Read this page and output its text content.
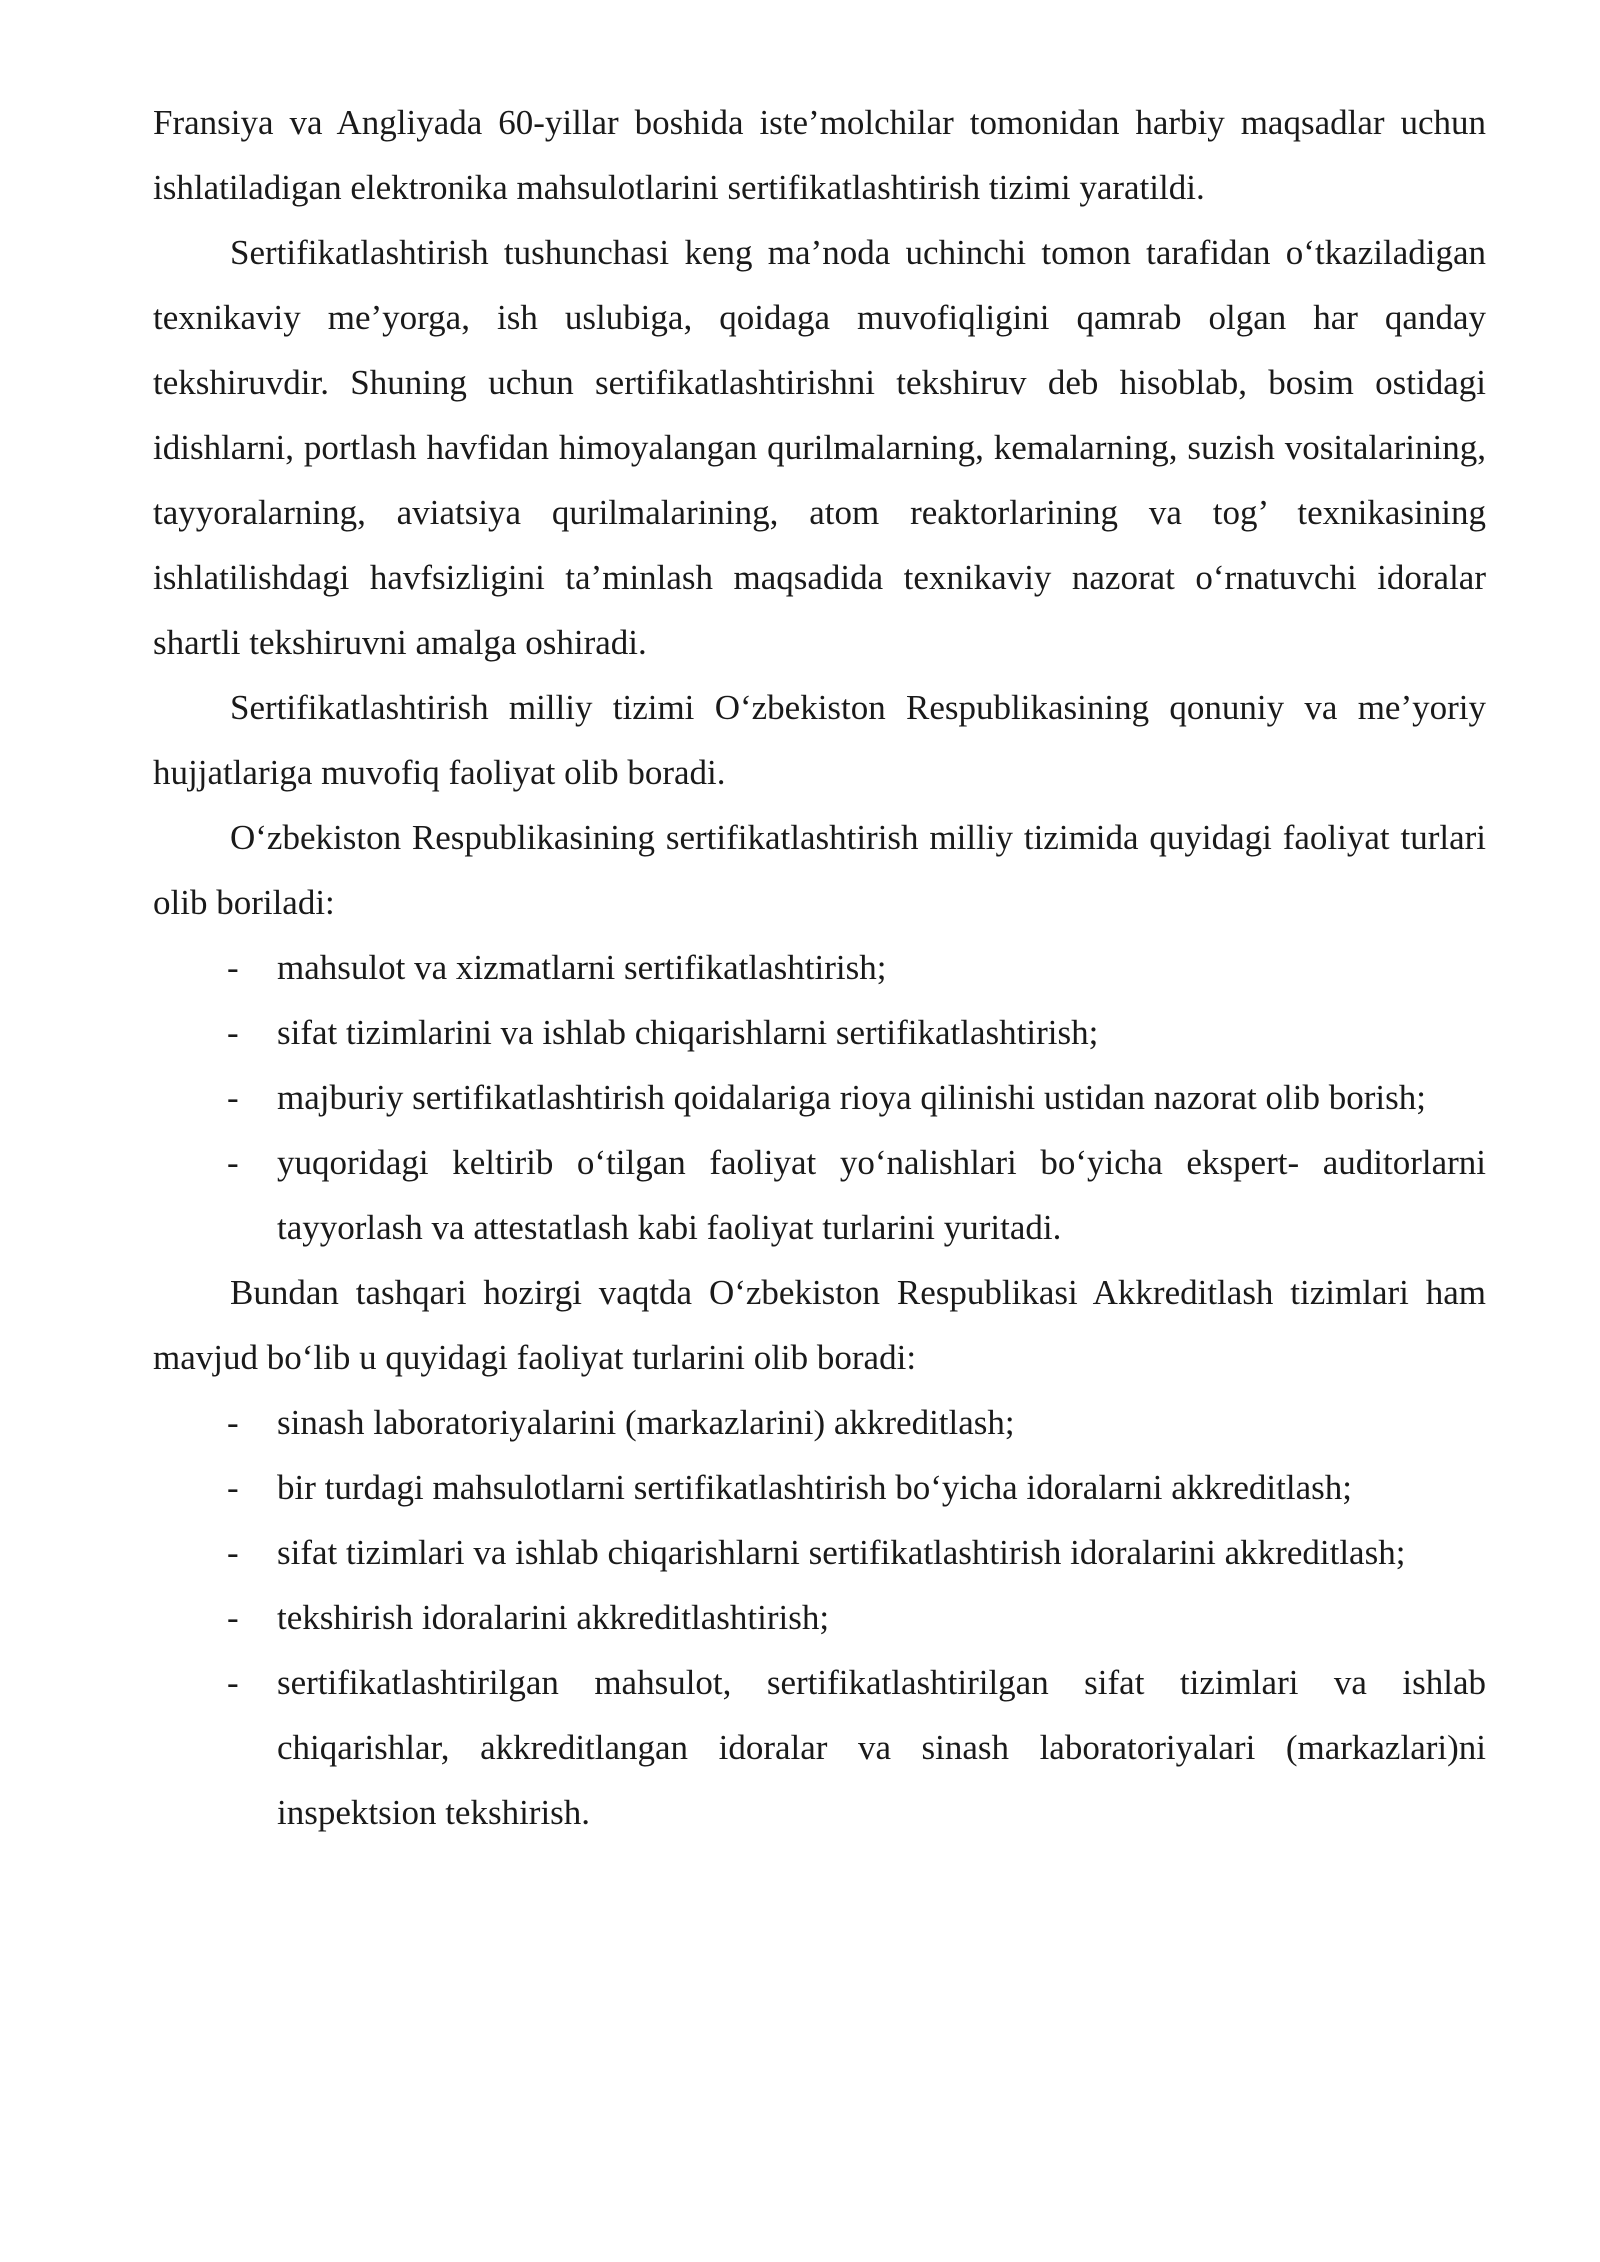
Fransiya va Angliyada 60-yillar boshida iste’molchilar tomonidan harbiy maqsadlar uchun ishlatiladigan elektronika mahsulotlarini sertifikatlashtirish tizimi yaratildi.

Sertifikatlashtirish tushunchasi keng ma’noda uchinchi tomon tarafidan o‘tkaziladigan texnikaviy me’yorga, ish uslubiga, qoidaga muvofiqligini qamrab olgan har qanday tekshiruvdir. Shuning uchun sertifikatlashtirishni tekshiruv deb hisoblab, bosim ostidagi idishlarni, portlash havfidan himoyalangan qurilmalarning, kemalarning, suzish vositalarining, tayyoralarning, aviatsiya qurilmalarining, atom reaktorlarining va tog’ texnikasining ishlatilishdagi havfsizligini ta’minlash maqsadida texnikaviy nazorat o‘rnatuvchi idoralar shartli tekshiruvni amalga oshiradi.

Sertifikatlashtirish milliy tizimi O‘zbekiston Respublikasining qonuniy va me’yoriy hujjatlariga muvofiq faoliyat olib boradi.

O‘zbekiston Respublikasining sertifikatlashtirish milliy tizimida quyidagi faoliyat turlari olib boriladi:

- mahsulot va xizmatlarni sertifikatlashtirish;
- sifat tizimlarini va ishlab chiqarishlarni sertifikatlashtirish;
- majburiy sertifikatlashtirish qoidalariga rioya qilinishi ustidan nazorat olib borish;
- yuqoridagi keltirib o‘tilgan faoliyat yo‘nalishlari bo‘yicha ekspert- auditorlarni tayyorlash va attestatlash kabi faoliyat turlarini yuritadi.

Bundan tashqari hozirgi vaqtda O‘zbekiston Respublikasi Akkreditlash tizimlari ham mavjud bo‘lib u quyidagi faoliyat turlarini olib boradi:

- sinash laboratoriyalarini (markazlarini) akkreditlash;
- bir turdagi mahsulotlarni sertifikatlashtirish bo‘yicha idoralarni akkreditlash;
- sifat tizimlari va ishlab chiqarishlarni sertifikatlashtirish idoralarini akkreditlash;
- tekshirish idoralarini akkreditlashtirish;
- sertifikatlashtirilgan mahsulot, sertifikatlashtirilgan sifat tizimlari va ishlab chiqarishlar, akkreditlangan idoralar va sinash laboratoriyalari (markazlari)ni inspektsion tekshirish.
